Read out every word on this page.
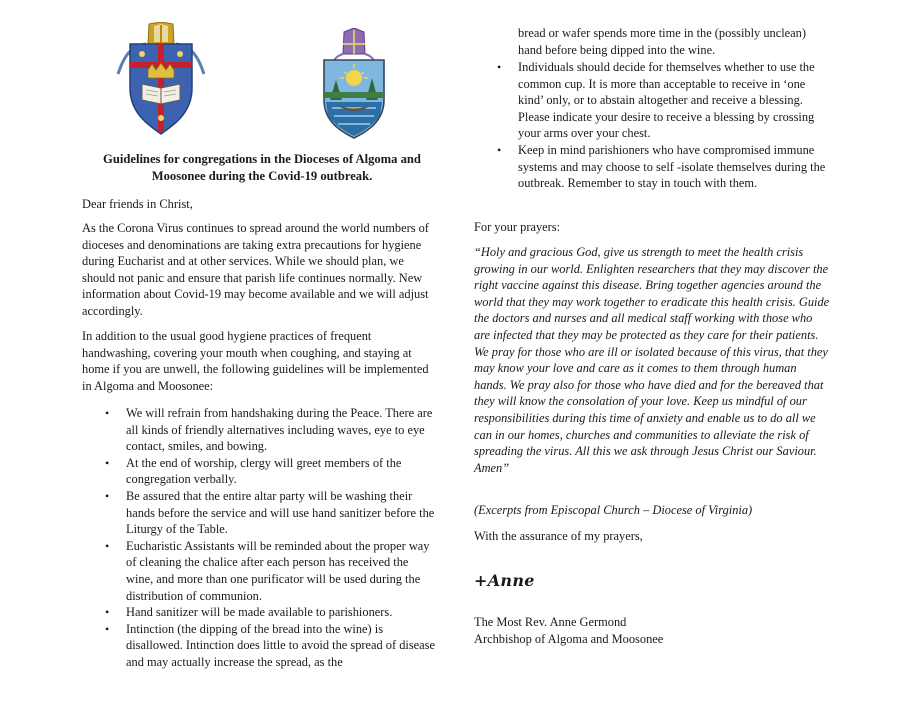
Guidelines for congregations in the Dioceses of Algoma and Moosonee during the Covid-19 outbreak.

Dear friends in Christ,

As the Corona Virus continues to spread around the world numbers of dioceses and denominations are taking extra precautions for hygiene during Eucharist and at other services. While we should plan, we should not panic and ensure that parish life continues normally. New information about Covid-19 may become available and we will adjust accordingly.

In addition to the usual good hygiene practices of frequent handwashing, covering your mouth when coughing, and staying at home if you are unwell, the following guidelines will be implemented in Algoma and Moosonee:

• We will refrain from handshaking during the Peace. There are all kinds of friendly alternatives including waves, eye to eye contact, smiles, and bowing.
• At the end of worship, clergy will greet members of the congregation verbally.
• Be assured that the entire altar party will be washing their hands before the service and will use hand sanitizer before the Liturgy of the Table.
• Eucharistic Assistants will be reminded about the proper way of cleaning the chalice after each person has received the wine, and more than one purificator will be used during the distribution of communion.
• Hand sanitizer will be made available to parishioners.
• Intinction (the dipping of the bread into the wine) is disallowed. Intinction does little to avoid the spread of disease and may actually increase the spread, as the

bread or wafer spends more time in the (possibly unclean) hand before being dipped into the wine.

• Individuals should decide for themselves whether to use the common cup. It is more than acceptable to receive in ‘one kind’ only, or to abstain altogether and receive a blessing. Please indicate your desire to receive a blessing by crossing your arms over your chest.
• Keep in mind parishioners who have compromised immune systems and may choose to self -isolate themselves during the outbreak. Remember to stay in touch with them.

For your prayers:

“Holy and gracious God, give us strength to meet the health crisis growing in our world. Enlighten researchers that they may discover the right vaccine against this disease. Bring together agencies around the world that they may work together to eradicate this health crisis. Guide the doctors and nurses and all medical staff working with those who are infected that they may be protected as they care for their patients. We pray for those who are ill or isolated because of this virus, that they may know your love and care as it comes to them through human hands. We pray also for those who have died and for the bereaved that they will know the consolation of your love. Keep us mindful of our responsibilities during this time of anxiety and enable us to do all we can in our homes, churches and communities to alleviate the risk of spreading the virus. All this we ask through Jesus Christ our Saviour. Amen”

(Excerpts from Episcopal Church – Diocese of Virginia)

With the assurance of my prayers,

+Anne

The Most Rev. Anne Germond

Archbishop of Algoma and Moosonee
